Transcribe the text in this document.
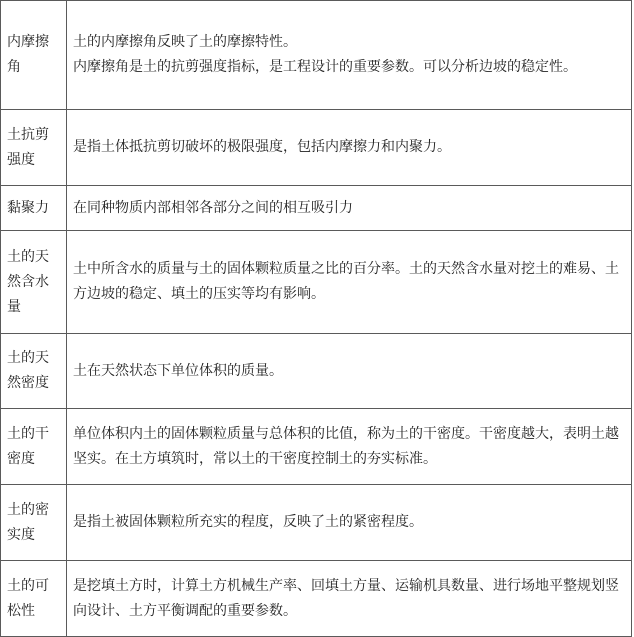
内摩擦角	土的内摩擦角反映了土的摩擦特性。
内摩擦角是土的抗剪强度指标，是工程设计的重要参数。可以分析边坡的稳定性。

土抗剪强度	是指土体抵抗剪切破坏的极限强度，包括内摩擦力和内聚力。

黏聚力	在同种物质内部相邻各部分之间的相互吸引力

土的天然含水量	土中所含水的质量与土的固体颗粒质量之比的百分率。土的天然含水量对挖土的难易、土方边坡的稳定、填土的压实等均有影响。

土的天然密度	土在天然状态下单位体积的质量。

土的干密度	单位体积内土的固体颗粒质量与总体积的比值，称为土的干密度。干密度越大，表明土越坚实。在土方填筑时，常以土的干密度控制土的夯实标准。

土的密实度	是指土被固体颗粒所充实的程度，反映了土的紧密程度。

土的可松性	是挖填土方时，计算土方机械生产率、回填土方量、运输机具数量、进行场地平整规划竖向设计、土方平衡调配的重要参数。
